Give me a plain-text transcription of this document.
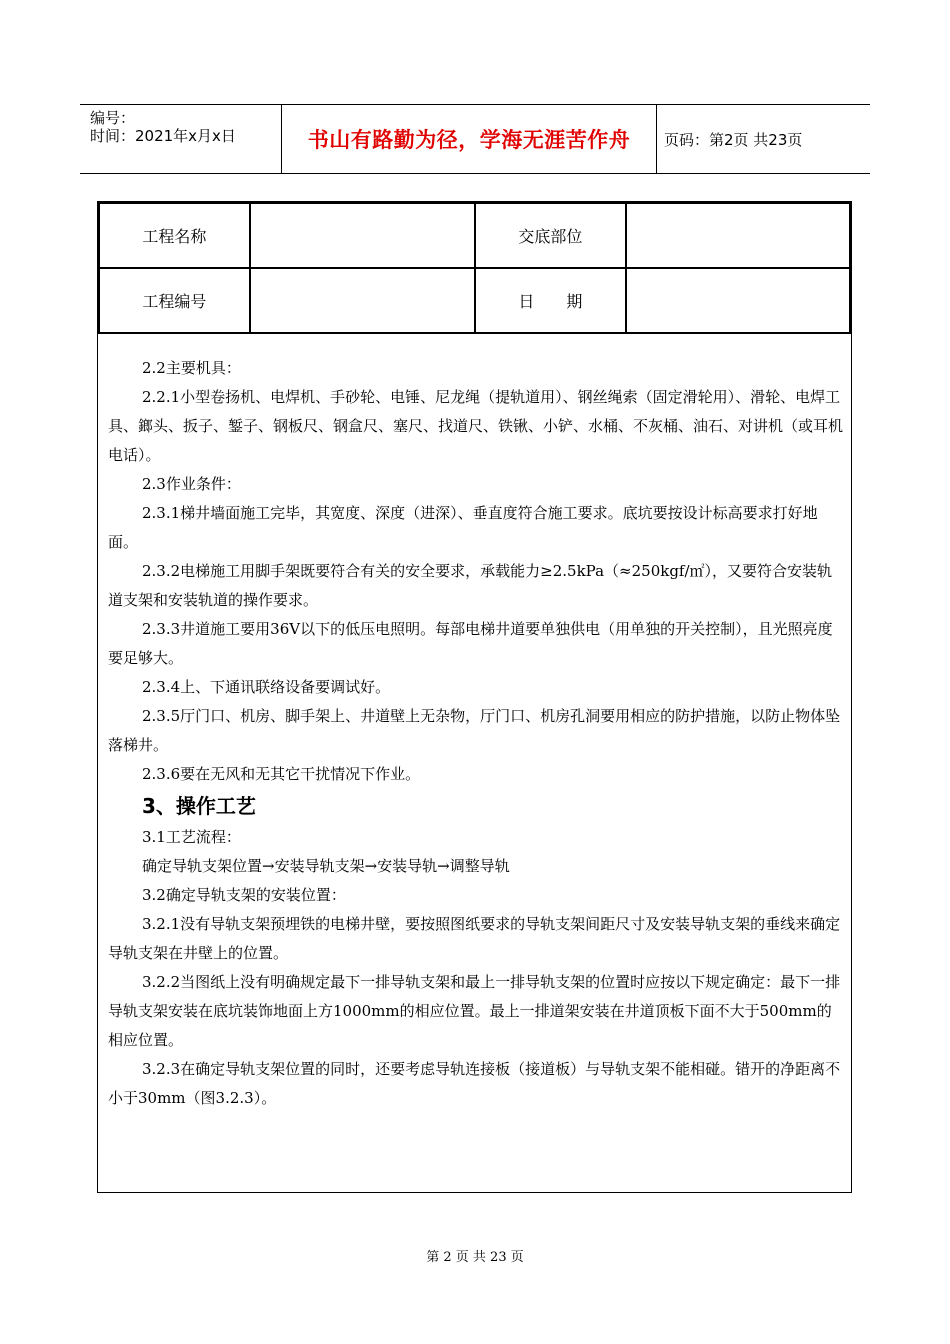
编号：
时间：2021年x月x日	书山有路勤为径，学海无涯苦作舟 页码：第2页 共23页
工程名称		交底部位	
工程编号		日　　期	

2.2主要机具：

2.2.1小型卷扬机、电焊机、手砂轮、电锤、尼龙绳（提轨道用）、钢丝绳索（固定滑轮用）、滑轮、电焊工具、鎯头、扳子、錾子、钢板尺、钢盒尺、塞尺、找道尺、铁锹、小铲、水桶、不灰桶、油石、对讲机（或耳机电话）。

2.3作业条件：

2.3.1梯井墙面施工完毕，其宽度、深度（进深）、垂直度符合施工要求。底坑要按设计标高要求打好地面。

2.3.2电梯施工用脚手架既要符合有关的安全要求，承载能力≥2.5kPa（≈250kgf/㎡），又要符合安装轨道支架和安装轨道的操作要求。

2.3.3井道施工要用36V以下的低压电照明。每部电梯井道要单独供电（用单独的开关控制），且光照亮度要足够大。

2.3.4上、下通讯联络设备要调试好。

2.3.5厅门口、机房、脚手架上、井道壁上无杂物，厅门口、机房孔洞要用相应的防护措施，以防止物体坠落梯井。

2.3.6要在无风和无其它干扰情况下作业。

3、操作工艺

3.1工艺流程：

确定导轨支架位置→安装导轨支架→安装导轨→调整导轨

3.2确定导轨支架的安装位置：

3.2.1没有导轨支架预埋铁的电梯井壁，要按照图纸要求的导轨支架间距尺寸及安装导轨支架的垂线来确定导轨支架在井壁上的位置。

3.2.2当图纸上没有明确规定最下一排导轨支架和最上一排导轨支架的位置时应按以下规定确定：最下一排导轨支架安装在底坑装饰地面上方1000mm的相应位置。最上一排道架安装在井道顶板下面不大于500mm的相应位置。

3.2.3在确定导轨支架位置的同时，还要考虑导轨连接板（接道板）与导轨支架不能相碰。错开的净距离不小于30mm（图3.2.3）。

第 2 页 共 23 页
